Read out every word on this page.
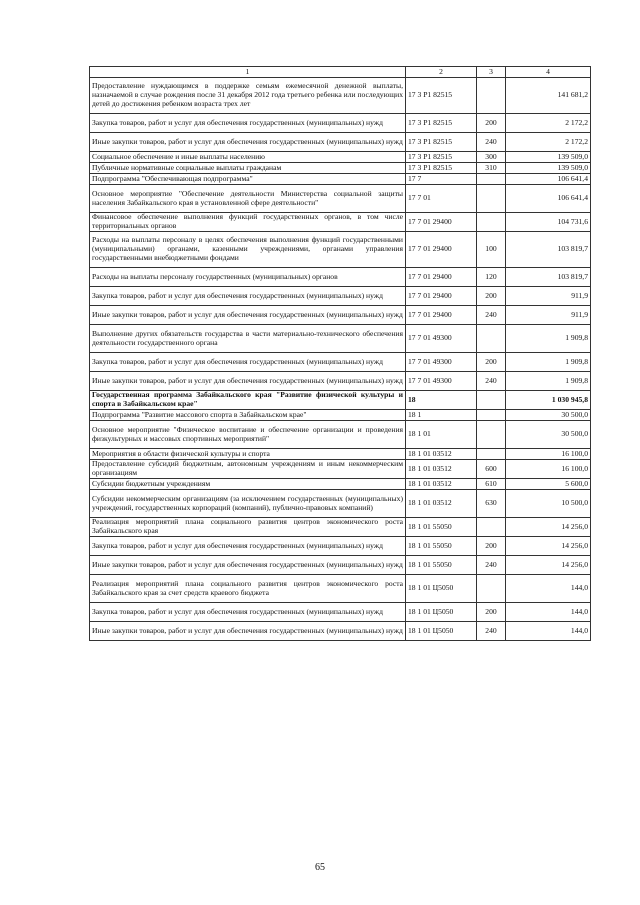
1	2	3	4
Предоставление нуждающимся в поддержке семьям ежемесячной денежной выплаты, назначаемой в случае рождения после 31 декабря 2012 года третьего ребенка или последующих детей до достижения ребенком возраста трех лет	17 3 P1 82515		141 681,2
Закупка товаров, работ и услуг для обеспечения государственных (муниципальных) нужд	17 3 P1 82515	200	2 172,2
Иные закупки товаров, работ и услуг для обеспечения государственных (муниципальных) нужд	17 3 P1 82515	240	2 172,2
Социальное обеспечение и иные выплаты населению	17 3 P1 82515	300	139 509,0
Публичные нормативные социальные выплаты гражданам	17 3 P1 82515	310	139 509,0
Подпрограмма "Обеспечивающая подпрограмма"	17 7		106 641,4
Основное мероприятие "Обеспечение деятельности Министерства социальной защиты населения Забайкальского края в установленной сфере деятельности"	17 7 01		106 641,4
Финансовое обеспечение выполнения функций государственных органов, в том числе территориальных органов	17 7 01 29400		104 731,6
Расходы на выплаты персоналу в целях обеспечения выполнения функций государственными (муниципальными) органами, казенными учреждениями, органами управления государственными внебюджетными фондами	17 7 01 29400	100	103 819,7
Расходы на выплаты персоналу государственных (муниципальных) органов	17 7 01 29400	120	103 819,7
Закупка товаров, работ и услуг для обеспечения государственных (муниципальных) нужд	17 7 01 29400	200	911,9
Иные закупки товаров, работ и услуг для обеспечения государственных (муниципальных) нужд	17 7 01 29400	240	911,9
Выполнение других обязательств государства в части материально-технического обеспечения деятельности государственного органа	17 7 01 49300		1 909,8
Закупка товаров, работ и услуг для обеспечения государственных (муниципальных) нужд	17 7 01 49300	200	1 909,8
Иные закупки товаров, работ и услуг для обеспечения государственных (муниципальных) нужд	17 7 01 49300	240	1 909,8
Государственная программа Забайкальского края "Развитие физической культуры и спорта в Забайкальском крае"	18		1 030 945,8
Подпрограмма "Развитие массового спорта в Забайкальском крае"	18 1		30 500,0
Основное мероприятие "Физическое воспитание и обеспечение организации и проведения физкультурных и массовых спортивных мероприятий"	18 1 01		30 500,0
Мероприятия в области физической культуры и спорта	18 1 01 03512		16 100,0
Предоставление субсидий бюджетным, автономным учреждениям и иным некоммерческим организациям	18 1 01 03512	600	16 100,0
Субсидии бюджетным учреждениям	18 1 01 03512	610	5 600,0
Субсидии некоммерческим организациям (за исключением государственных (муниципальных) учреждений, государственных корпораций (компаний), публично-правовых компаний)	18 1 01 03512	630	10 500,0
Реализация мероприятий плана социального развития центров экономического роста Забайкальского края	18 1 01 55050		14 256,0
Закупка товаров, работ и услуг для обеспечения государственных (муниципальных) нужд	18 1 01 55050	200	14 256,0
Иные закупки товаров, работ и услуг для обеспечения государственных (муниципальных) нужд	18 1 01 55050	240	14 256,0
Реализация мероприятий плана социального развития центров экономического роста Забайкальского края за счет средств краевого бюджета	18 1 01 Ц5050		144,0
Закупка товаров, работ и услуг для обеспечения государственных (муниципальных) нужд	18 1 01 Ц5050	200	144,0
Иные закупки товаров, работ и услуг для обеспечения государственных (муниципальных) нужд	18 1 01 Ц5050	240	144,0
65
